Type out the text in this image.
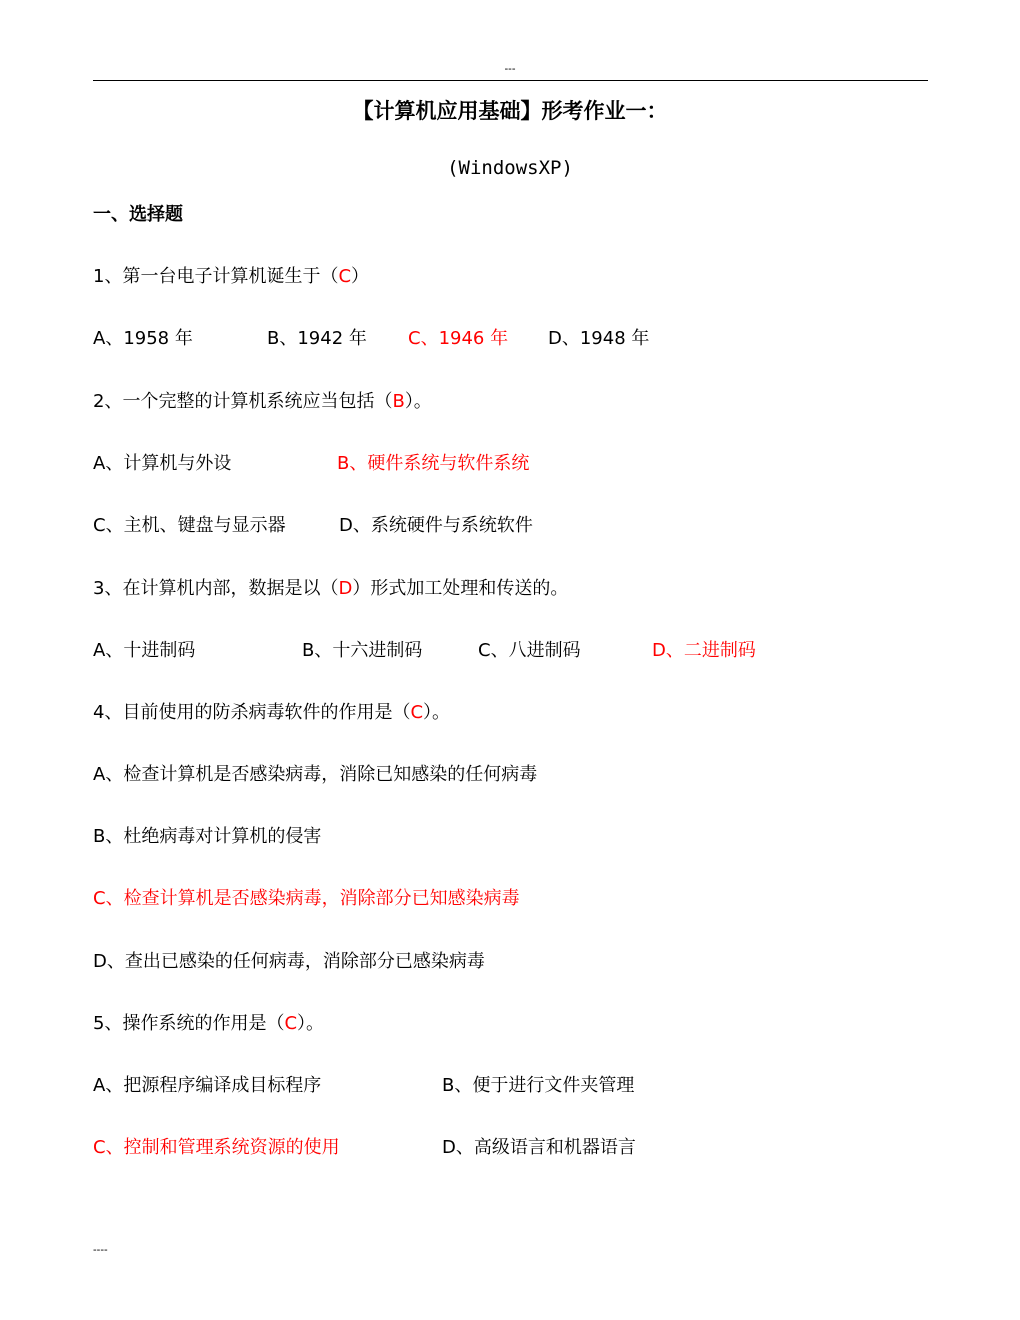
---
【计算机应用基础】形考作业一：
(WindowsXP)
一、选择题
1、第一台电子计算机诞生于（C）
A、1958 年	B、1942 年 C、1946 年 D、1948 年
2、一个完整的计算机系统应当包括（B）。
A、计算机与外设	B、硬件系统与软件系统
C、主机、键盘与显示器	D、系统硬件与系统软件
3、在计算机内部，数据是以（D）形式加工处理和传送的。
A、十进制码	B、十六进制码	C、八进制码	D、二进制码
4、目前使用的防杀病毒软件的作用是（C）。
A、检查计算机是否感染病毒，消除已知感染的任何病毒
B、杜绝病毒对计算机的侵害
C、检查计算机是否感染病毒，消除部分已知感染病毒
D、查出已感染的任何病毒，消除部分已感染病毒
5、操作系统的作用是（C）。
A、把源程序编译成目标程序	B、便于进行文件夹管理
C、控制和管理系统资源的使用	D、高级语言和机器语言
----
